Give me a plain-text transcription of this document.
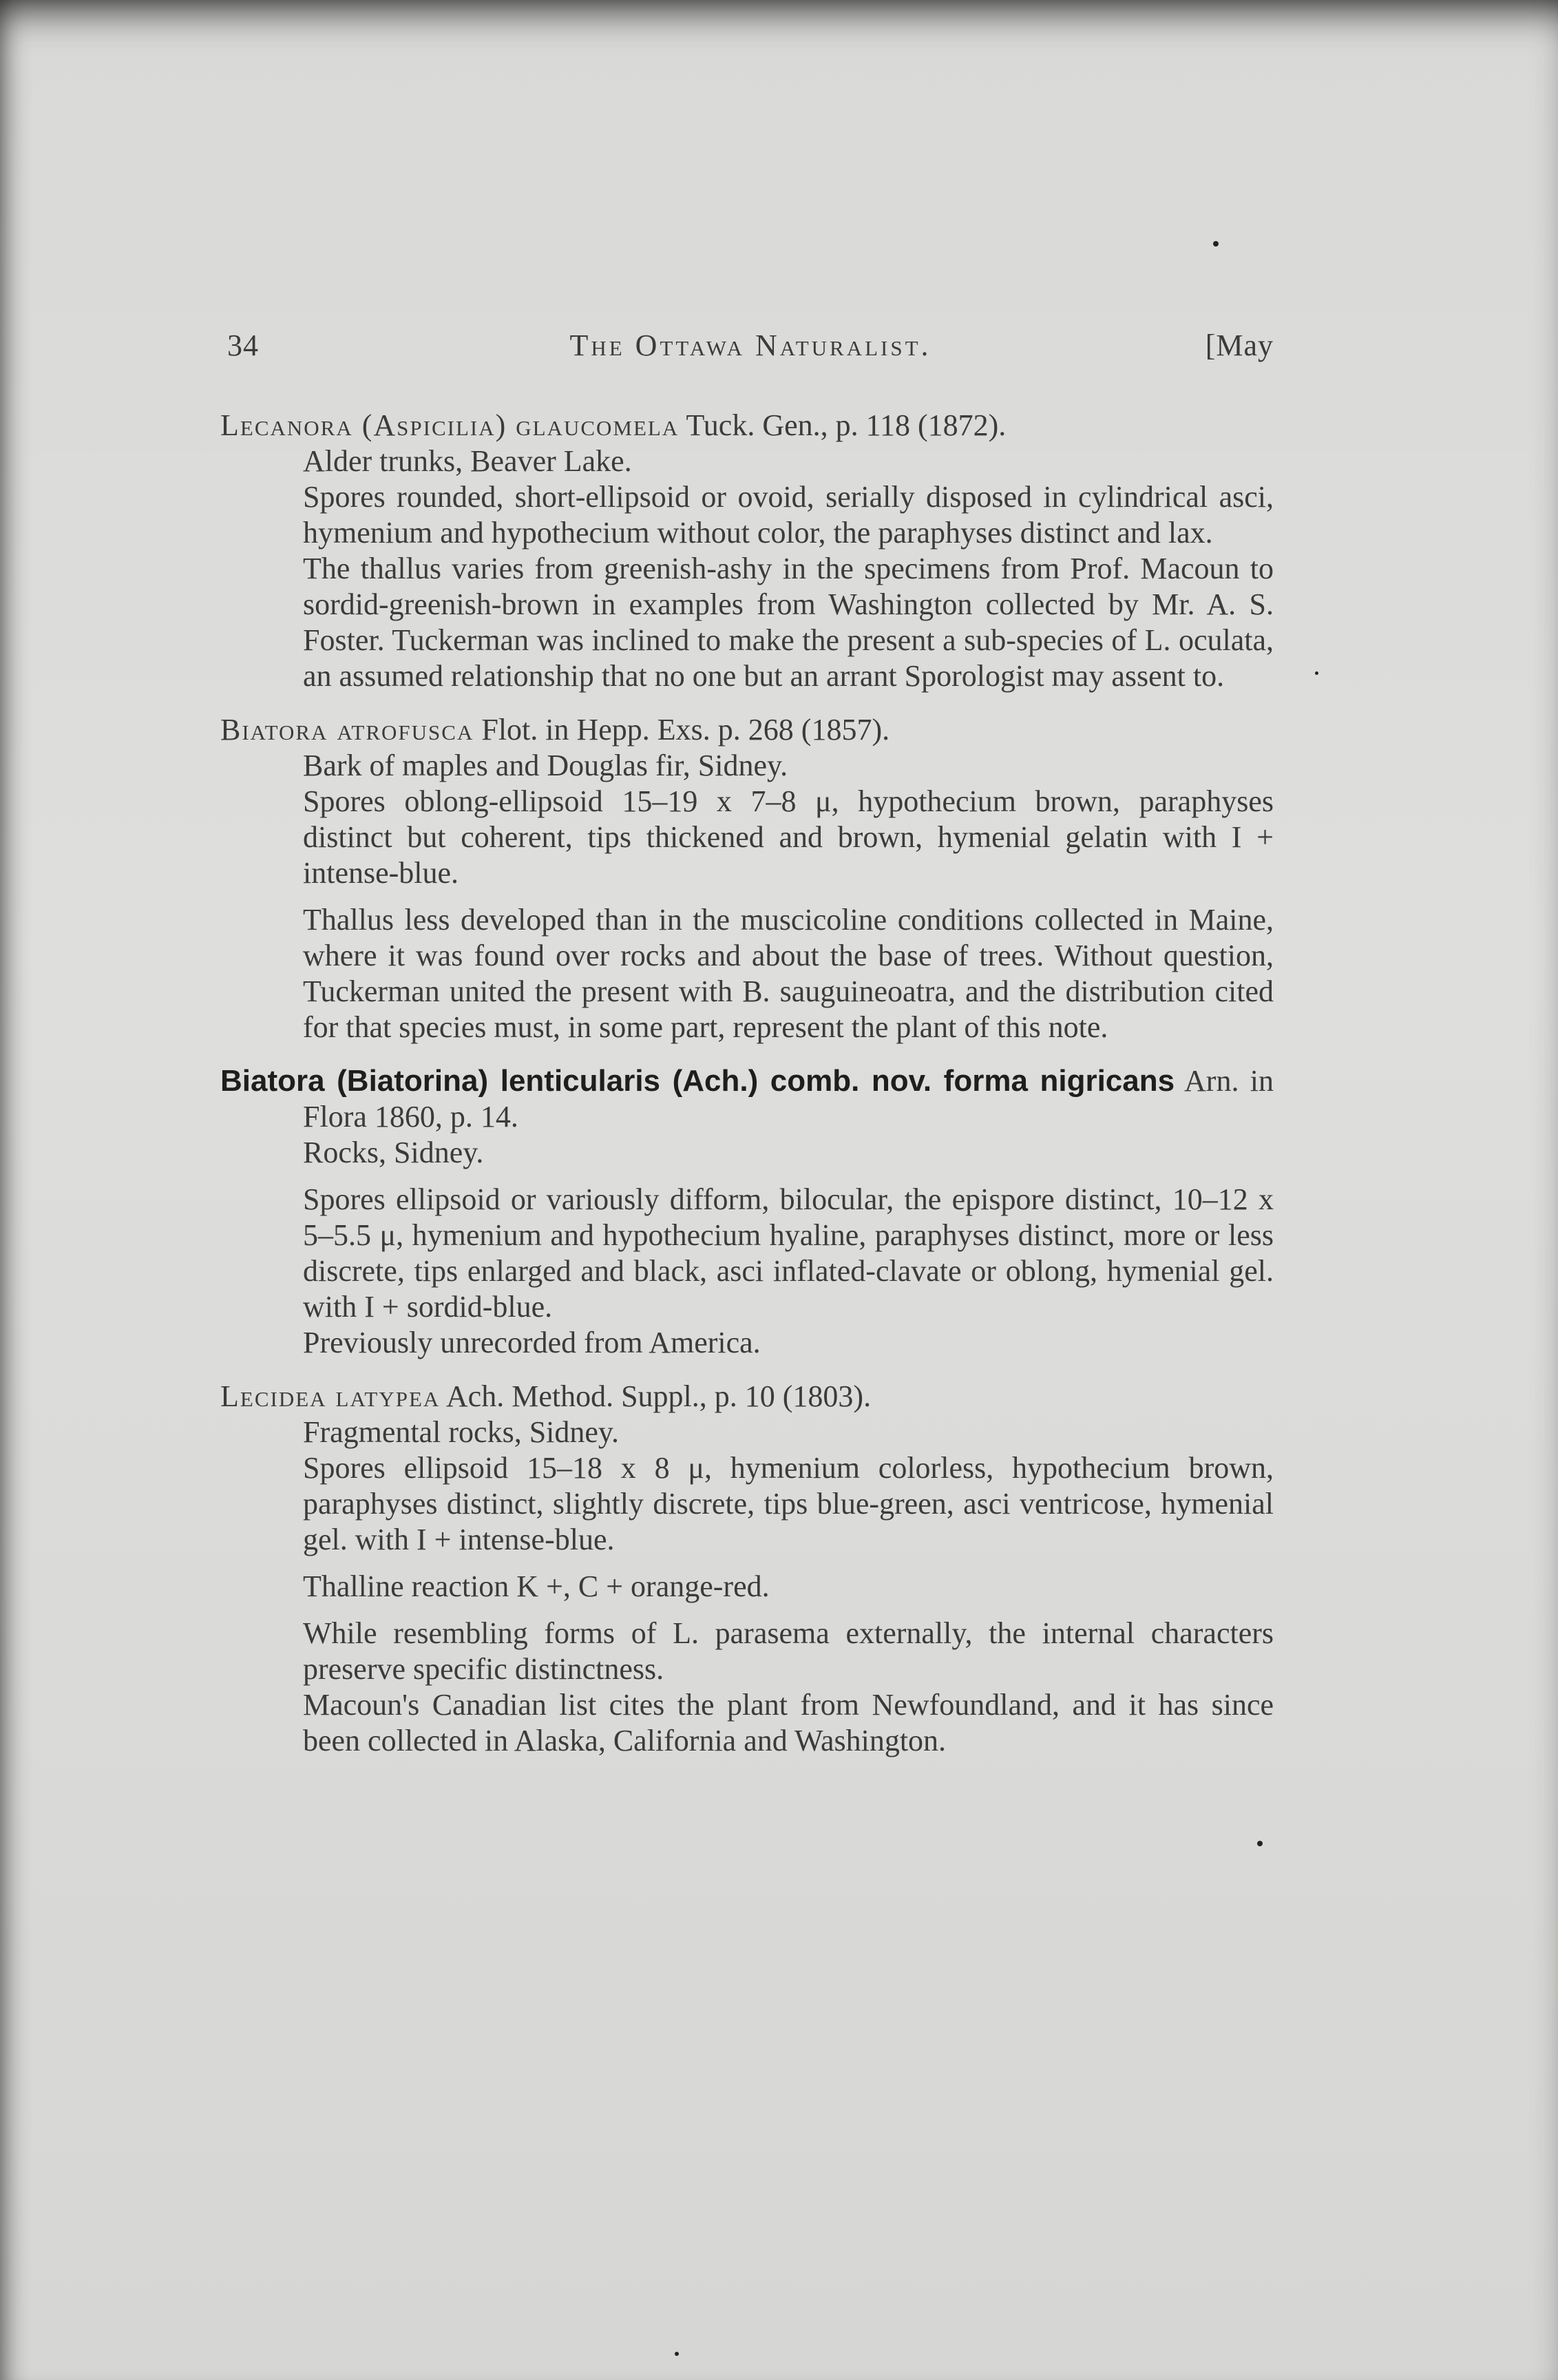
34	The Ottawa Naturalist.	[May
Lecanora (Aspicilia) glaucomela Tuck. Gen., p. 118 (1872).
Alder trunks, Beaver Lake.
Spores rounded, short-ellipsoid or ovoid, serially disposed in cylindrical asci, hymenium and hypothecium without color, the paraphyses distinct and lax.
The thallus varies from greenish-ashy in the specimens from Prof. Macoun to sordid-greenish-brown in examples from Washington collected by Mr. A. S. Foster. Tuckerman was inclined to make the present a sub-species of L. oculata, an assumed relationship that no one but an arrant Sporologist may assent to.
Biatora atrofusca Flot. in Hepp. Exs. p. 268 (1857).
Bark of maples and Douglas fir, Sidney.
Spores oblong-ellipsoid 15–19 x 7–8 μ, hypothecium brown, paraphyses distinct but coherent, tips thickened and brown, hymenial gelatin with I + intense-blue.
Thallus less developed than in the muscicoline conditions collected in Maine, where it was found over rocks and about the base of trees. Without question, Tuckerman united the present with B. sauguineoatra, and the distribution cited for that species must, in some part, represent the plant of this note.
Biatora (Biatorina) lenticularis (Ach.) comb. nov. forma nigricans Arn. in Flora 1860, p. 14.
Rocks, Sidney.
Spores ellipsoid or variously difform, bilocular, the epispore distinct, 10–12 x 5–5.5 μ, hymenium and hypothecium hyaline, paraphyses distinct, more or less discrete, tips enlarged and black, asci inflated-clavate or oblong, hymenial gel. with I + sordid-blue.
Previously unrecorded from America.
Lecidea latypea Ach. Method. Suppl., p. 10 (1803).
Fragmental rocks, Sidney.
Spores ellipsoid 15–18 x 8 μ, hymenium colorless, hypothecium brown, paraphyses distinct, slightly discrete, tips blue-green, asci ventricose, hymenial gel. with I + intense-blue.
Thalline reaction K +, C + orange-red.
While resembling forms of L. parasema externally, the internal characters preserve specific distinctness.
Macoun's Canadian list cites the plant from Newfoundland, and it has since been collected in Alaska, California and Washington.
